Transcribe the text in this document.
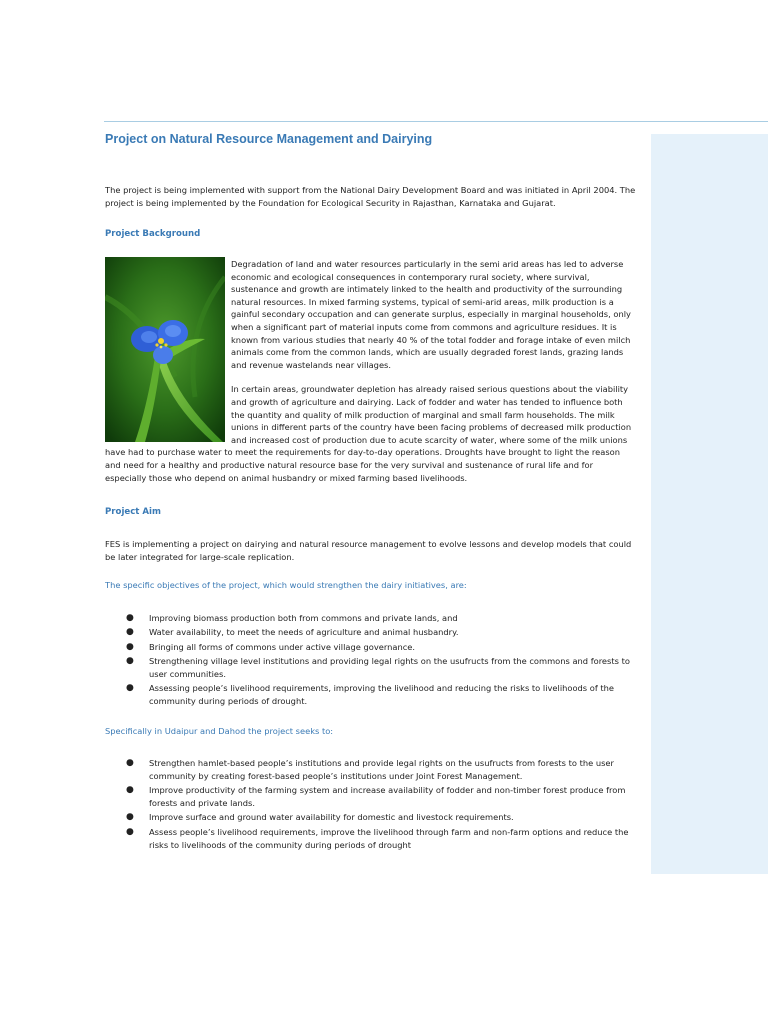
Project on Natural Resource Management and Dairying

The project is being implemented with support from the National Dairy Development Board and was initiated in April 2004. The project is being implemented by the Foundation for Ecological Security in Rajasthan, Karnataka and Gujarat.

Project Background

Degradation of land and water resources particularly in the semi arid areas has led to adverse economic and ecological consequences in contemporary rural society, where survival, sustenance and growth are intimately linked to the health and productivity of the surrounding natural resources. In mixed farming systems, typical of semi-arid areas, milk production is a gainful secondary occupation and can generate surplus, especially in marginal households, only when a significant part of material inputs come from commons and agriculture residues. It is known from various studies that nearly 40 % of the total fodder and forage intake of even milch animals come from the common lands, which are usually degraded forest lands, grazing lands and revenue wastelands near villages.

In certain areas, groundwater depletion has already raised serious questions about the viability and growth of agriculture and dairying. Lack of fodder and water has tended to influence both the quantity and quality of milk production of marginal and small farm households. The milk unions in different parts of the country have been facing problems of decreased milk production and increased cost of production due to acute scarcity of water, where some of the milk unions have had to purchase water to meet the requirements for day-to-day operations. Droughts have brought to light the reason and need for a healthy and productive natural resource base for the very survival and sustenance of rural life and for especially those who depend on animal husbandry or mixed farming based livelihoods.

Project Aim

FES is implementing a project on dairying and natural resource management to evolve lessons and develop models that could be later integrated for large-scale replication.

The specific objectives of the project, which would strengthen the dairy initiatives, are:

● Improving biomass production both from commons and private lands, and
● Water availability, to meet the needs of agriculture and animal husbandry.
● Bringing all forms of commons under active village governance.
● Strengthening village level institutions and providing legal rights on the usufructs from the commons and forests to user communities.
● Assessing people’s livelihood requirements, improving the livelihood and reducing the risks to livelihoods of the community during periods of drought.

Specifically in Udaipur and Dahod the project seeks to:

● Strengthen hamlet-based people’s institutions and provide legal rights on the usufructs from forests to the user community by creating forest-based people’s institutions under Joint Forest Management.
● Improve productivity of the farming system and increase availability of fodder and non-timber forest produce from forests and private lands.
● Improve surface and ground water availability for domestic and livestock requirements.
● Assess people’s livelihood requirements, improve the livelihood through farm and non-farm options and reduce the risks to livelihoods of the community during periods of drought
